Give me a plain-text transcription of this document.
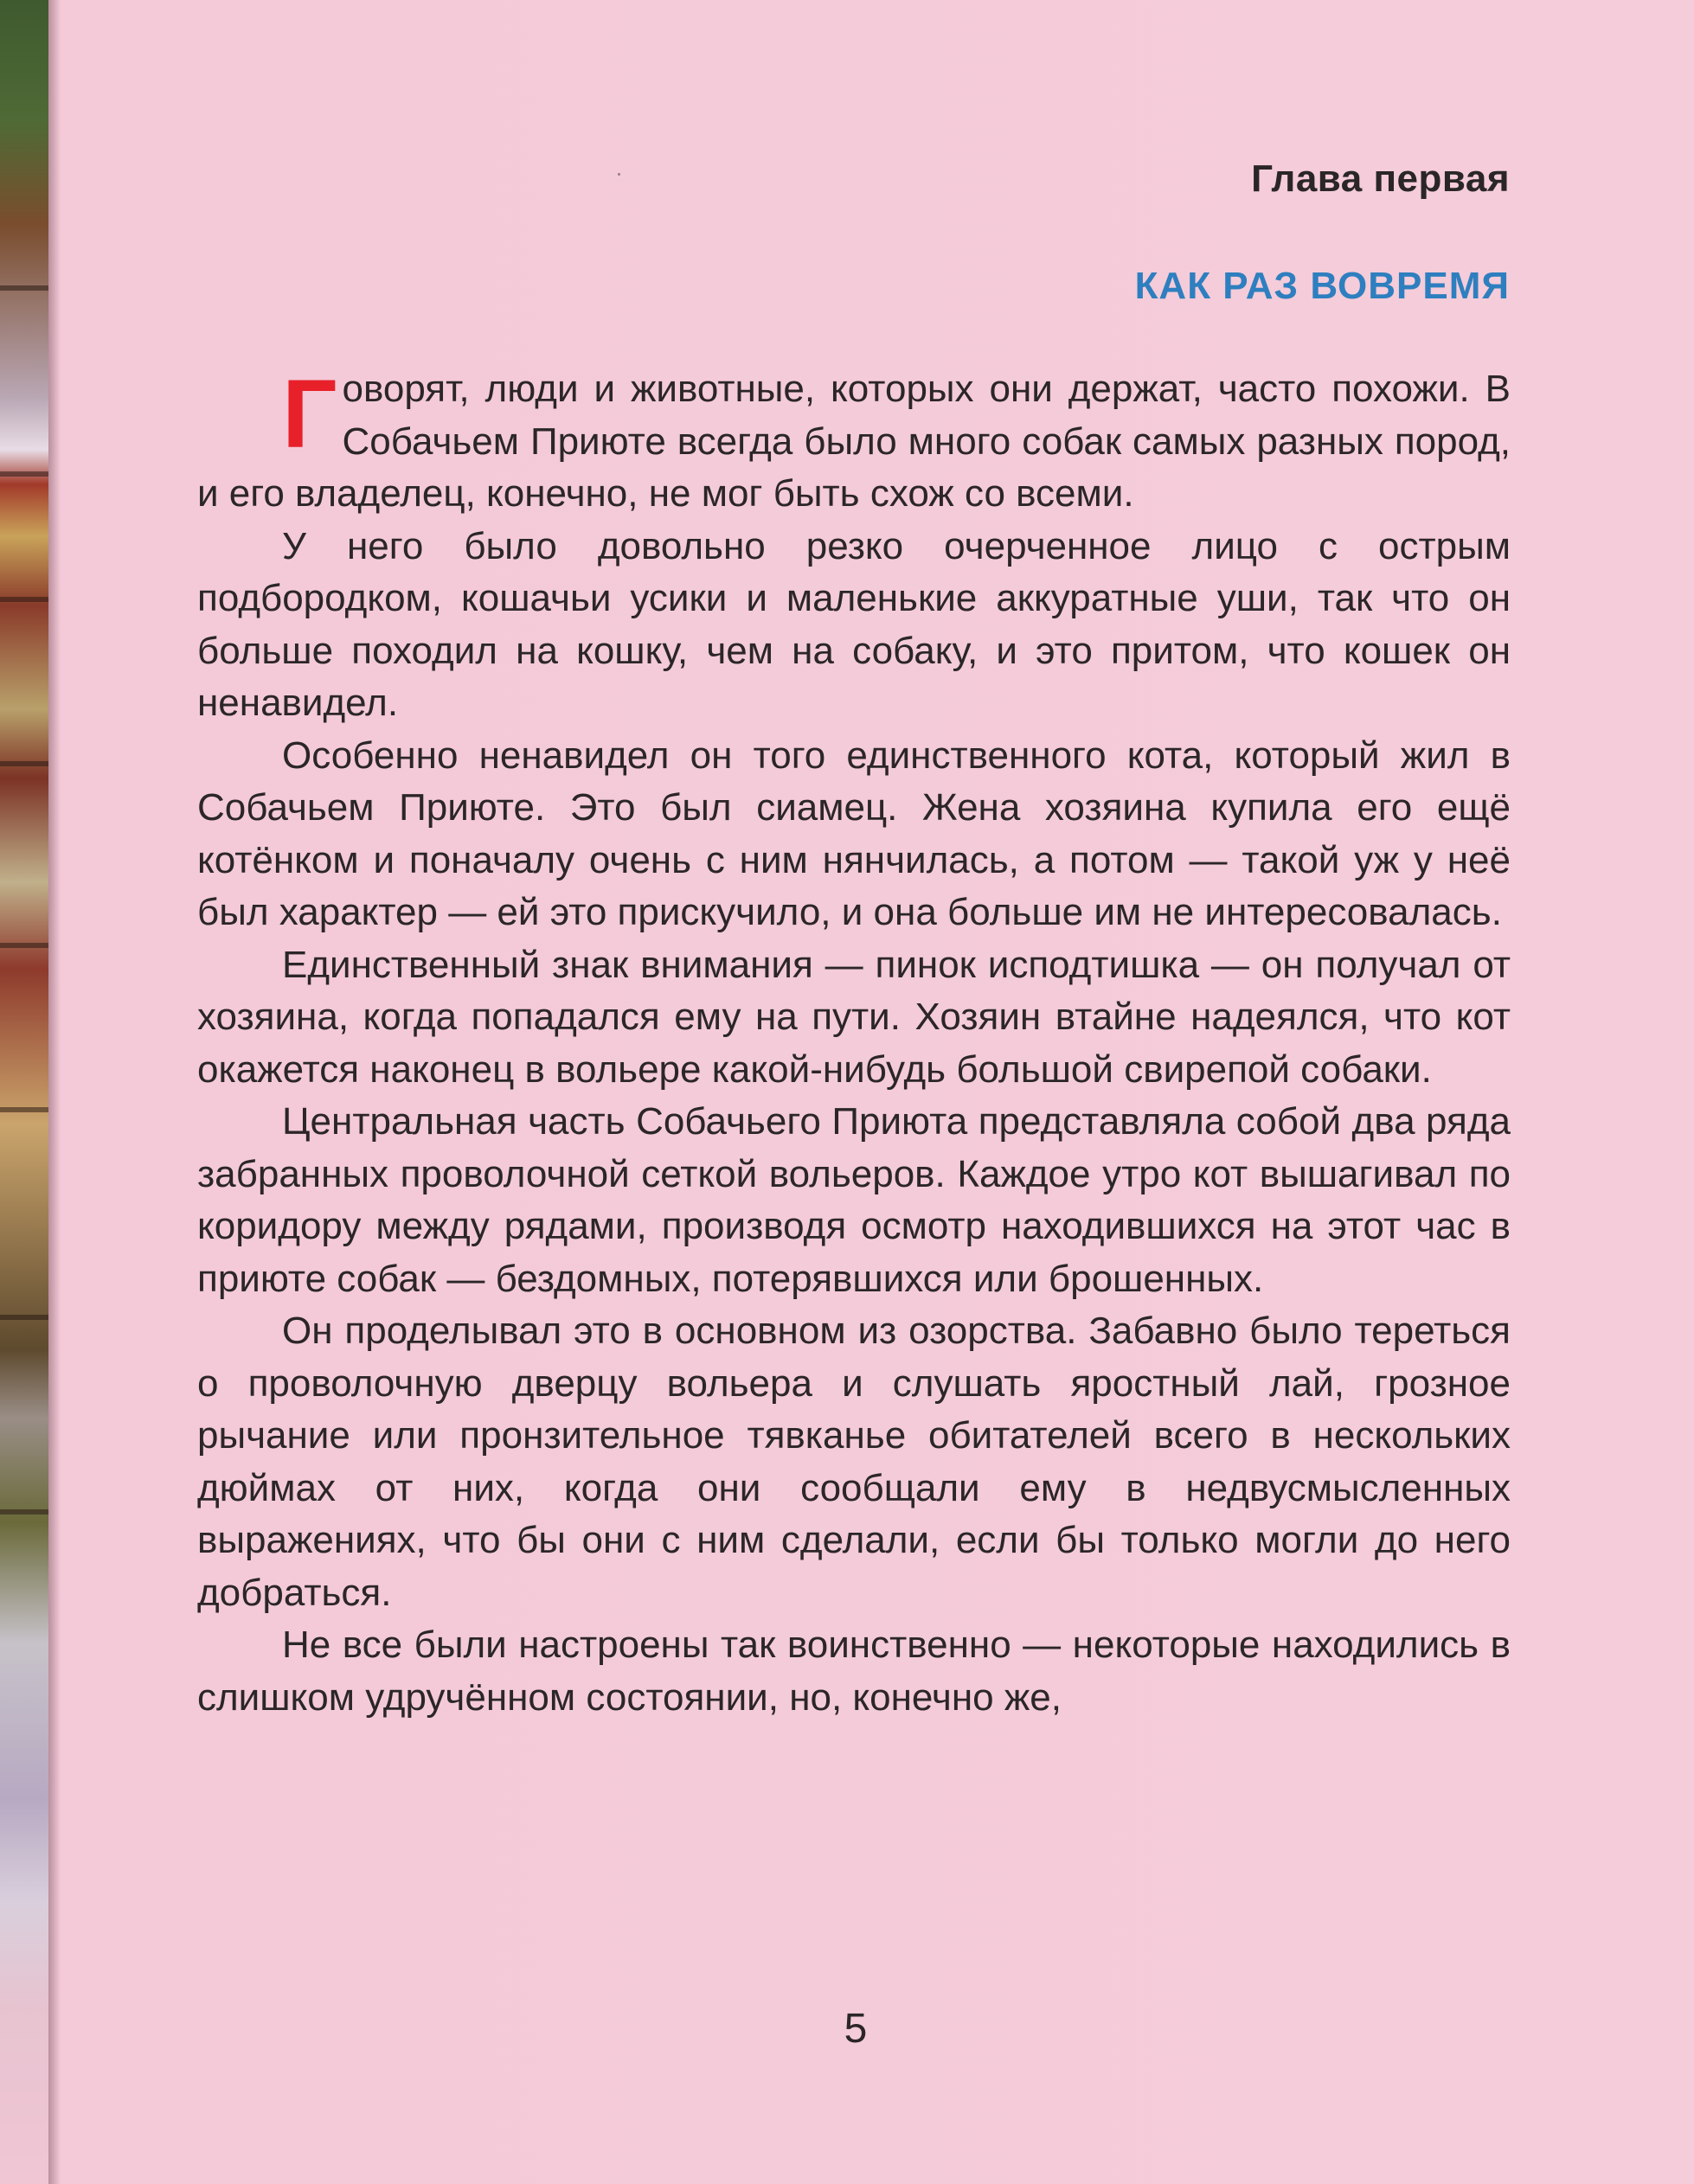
Глава первая
КАК РАЗ ВОВРЕМЯ

Говорят, люди и животные, которых они держат, часто похожи. В Собачьем Приюте всегда было много собак самых разных пород, и его владелец, конечно, не мог быть схож со всеми.

У него было довольно резко очерченное лицо с острым подбородком, кошачьи усики и маленькие аккуратные уши, так что он больше походил на кошку, чем на собаку, и это притом, что кошек он ненавидел.

Особенно ненавидел он того единственного кота, который жил в Собачьем Приюте. Это был сиамец. Жена хозяина купила его ещё котёнком и поначалу очень с ним нянчилась, а потом — такой уж у неё был характер — ей это прискучило, и она больше им не интересовалась.

Единственный знак внимания — пинок исподтишка — он получал от хозяина, когда попадался ему на пути. Хозяин втайне надеялся, что кот окажется наконец в вольере какой-нибудь большой свирепой собаки.

Центральная часть Собачьего Приюта представляла собой два ряда забранных проволочной сеткой вольеров. Каждое утро кот вышагивал по коридору между рядами, производя осмотр находившихся на этот час в приюте собак — бездомных, потерявшихся или брошенных.

Он проделывал это в основном из озорства. Забавно было тереться о проволочную дверцу вольера и слушать яростный лай, грозное рычание или пронзительное тявканье обитателей всего в нескольких дюймах от них, когда они сообщали ему в недвусмысленных выражениях, что бы они с ним сделали, если бы только могли до него добраться.

Не все были настроены так воинственно — некоторые находились в слишком удручённом состоянии, но, конечно же,

5
